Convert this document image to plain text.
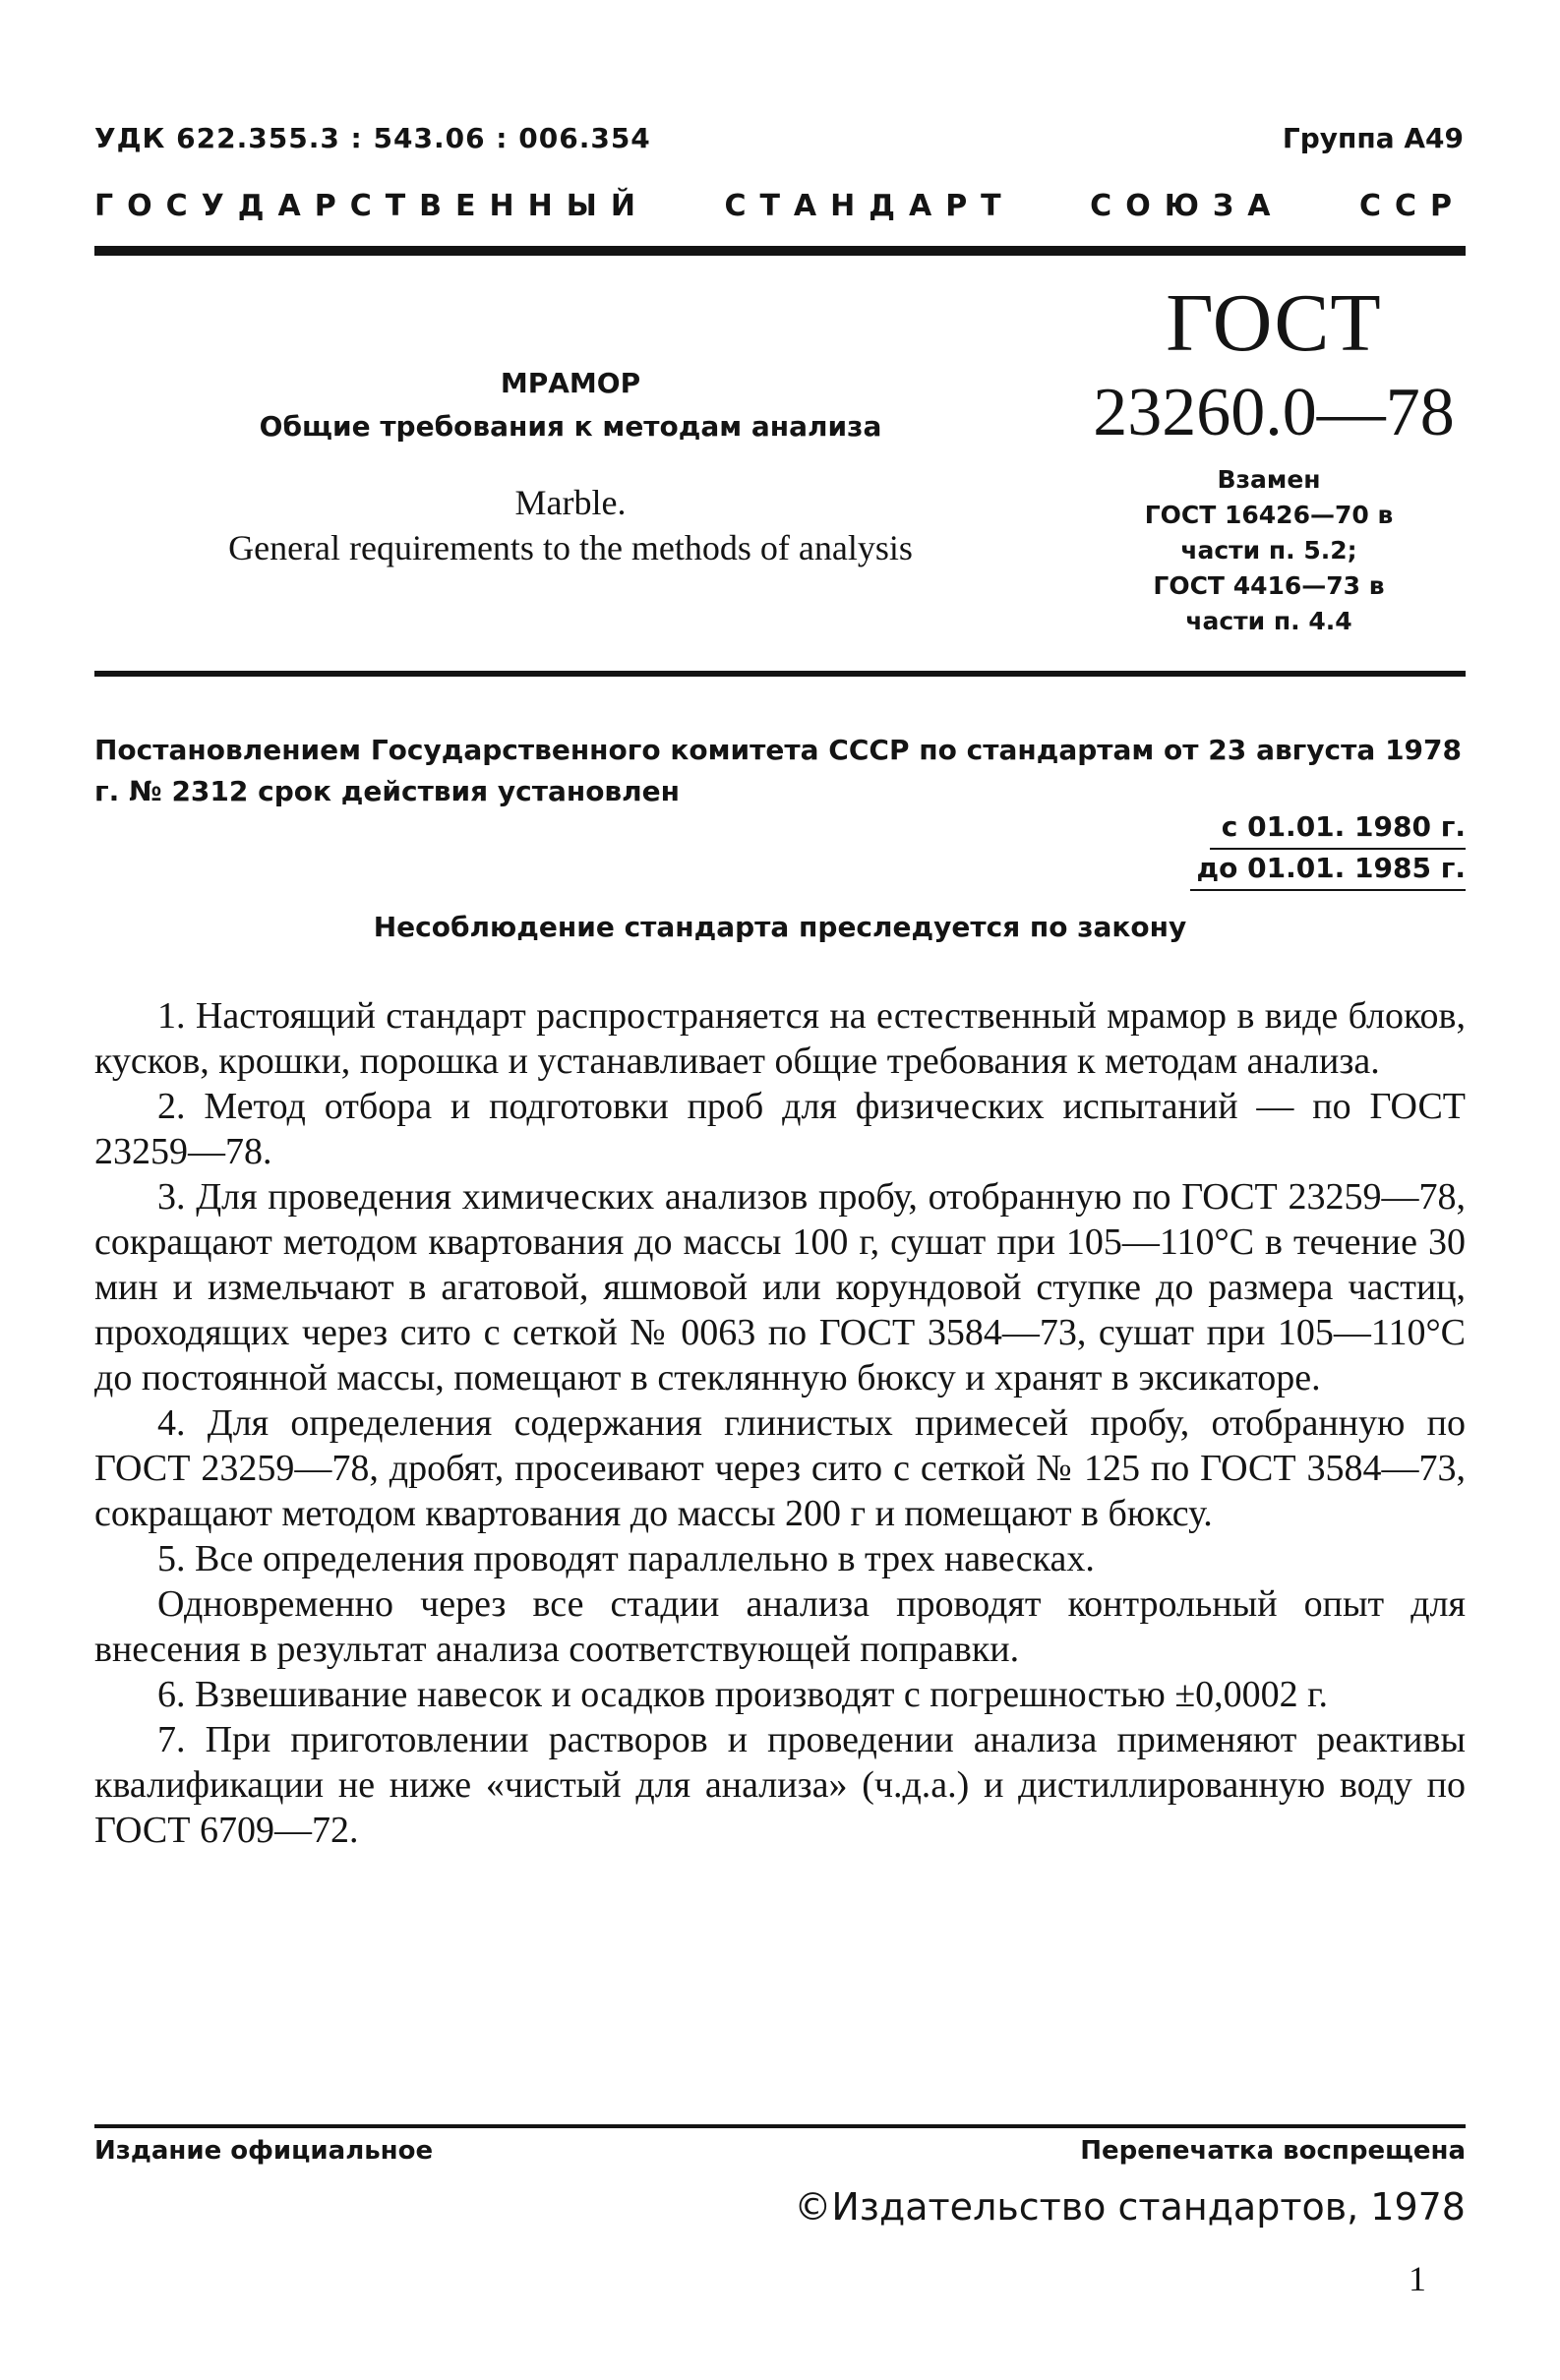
УДК 622.355.3 : 543.06 : 006.354	Группа А49
ГОСУДАРСТВЕННЫЙ	СТАНДАРТ	СОЮЗА	ССР
МРАМОР
Общие требования к методам анализа
Marble.
General requirements to the methods of analysis
ГОСТ
23260.0—78
Взамен
ГОСТ 16426—70 в
части п. 5.2;
ГОСТ 4416—73 в
части п. 4.4
Постановлением Государственного комитета СССР по стандартам от 23 августа 1978 г. № 2312 срок действия установлен
с 01.01. 1980 г.
до 01.01. 1985 г.
Несоблюдение стандарта преследуется по закону

1. Настоящий стандарт распространяется на естественный мрамор в виде блоков, кусков, крошки, порошка и устанавливает общие требования к методам анализа.

2. Метод отбора и подготовки проб для физических испытаний — по ГОСТ 23259—78.

3. Для проведения химических анализов пробу, отобранную по ГОСТ 23259—78, сокращают методом квартования до массы 100 г, сушат при 105—110°С в течение 30 мин и измельчают в агатовой, яшмовой или корундовой ступке до размера частиц, проходящих через сито с сеткой № 0063 по ГОСТ 3584—73, сушат при 105—110°С до постоянной массы, помещают в стеклянную бюксу и хранят в эксикаторе.

4. Для определения содержания глинистых примесей пробу, отобранную по ГОСТ 23259—78, дробят, просеивают через сито с сеткой № 125 по ГОСТ 3584—73, сокращают методом квартования до массы 200 г и помещают в бюксу.

5. Все определения проводят параллельно в трех навесках.

Одновременно через все стадии анализа проводят контрольный опыт для внесения в результат анализа соответствующей поправки.

6. Взвешивание навесок и осадков производят с погрешностью ±0,0002 г.

7. При приготовлении растворов и проведении анализа применяют реактивы квалификации не ниже «чистый для анализа» (ч.д.а.) и дистиллированную воду по ГОСТ 6709—72.

Издание официальное	Перепечатка воспрещена
©Издательство стандартов, 1978
1
